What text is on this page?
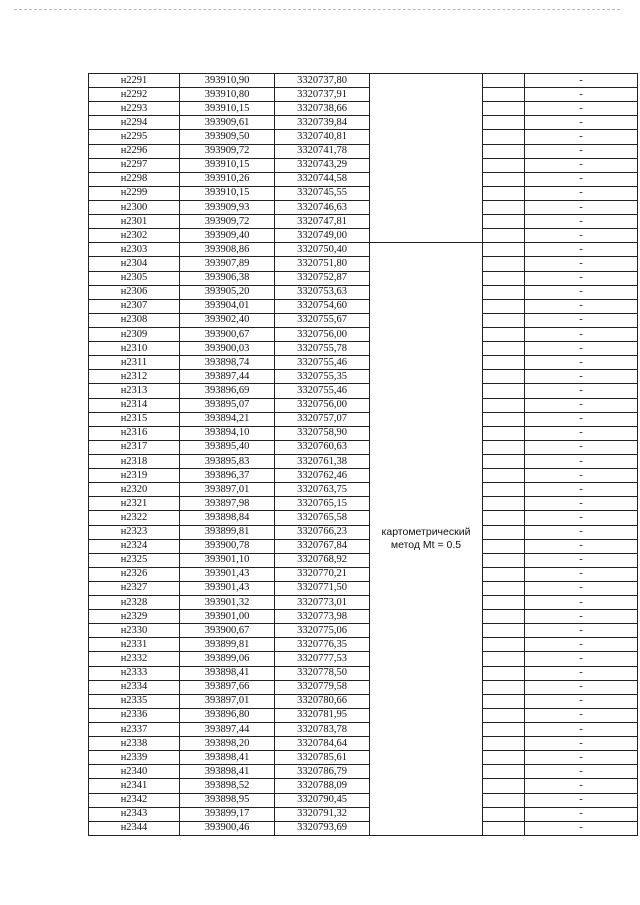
н2291	393910,90	3320737,80			-
н2292	393910,80	3320737,91			-
н2293	393910,15	3320738,66			-
н2294	393909,61	3320739,84			-
н2295	393909,50	3320740,81			-
н2296	393909,72	3320741,78			-
н2297	393910,15	3320743,29			-
н2298	393910,26	3320744,58			-
н2299	393910,15	3320745,55			-
н2300	393909,93	3320746,63			-
н2301	393909,72	3320747,81			-
н2302	393909,40	3320749,00			-
н2303	393908,86	3320750,40	картометрический метод Mt = 0.5		-
н2304	393907,89	3320751,80			-
н2305	393906,38	3320752,87			-
н2306	393905,20	3320753,63			-
н2307	393904,01	3320754,60			-
н2308	393902,40	3320755,67			-
н2309	393900,67	3320756,00			-
н2310	393900,03	3320755,78			-
н2311	393898,74	3320755,46			-
н2312	393897,44	3320755,35			-
н2313	393896,69	3320755,46			-
н2314	393895,07	3320756,00			-
н2315	393894,21	3320757,07			-
н2316	393894,10	3320758,90			-
н2317	393895,40	3320760,63			-
н2318	393895,83	3320761,38			-
н2319	393896,37	3320762,46			-
н2320	393897,01	3320763,75			-
н2321	393897,98	3320765,15			-
н2322	393898,84	3320765,58			-
н2323	393899,81	3320766,23			-
н2324	393900,78	3320767,84			-
н2325	393901,10	3320768,92			-
н2326	393901,43	3320770,21			-
н2327	393901,43	3320771,50			-
н2328	393901,32	3320773,01			-
н2329	393901,00	3320773,98			-
н2330	393900,67	3320775,06			-
н2331	393899,81	3320776,35			-
н2332	393899,06	3320777,53			-
н2333	393898,41	3320778,50			-
н2334	393897,66	3320779,58			-
н2335	393897,01	3320780,66			-
н2336	393896,80	3320781,95			-
н2337	393897,44	3320783,78			-
н2338	393898,20	3320784,64			-
н2339	393898,41	3320785,61			-
н2340	393898,41	3320786,79			-
н2341	393898,52	3320788,09			-
н2342	393898,95	3320790,45			-
н2343	393899,17	3320791,32			-
н2344	393900,46	3320793,69			-
